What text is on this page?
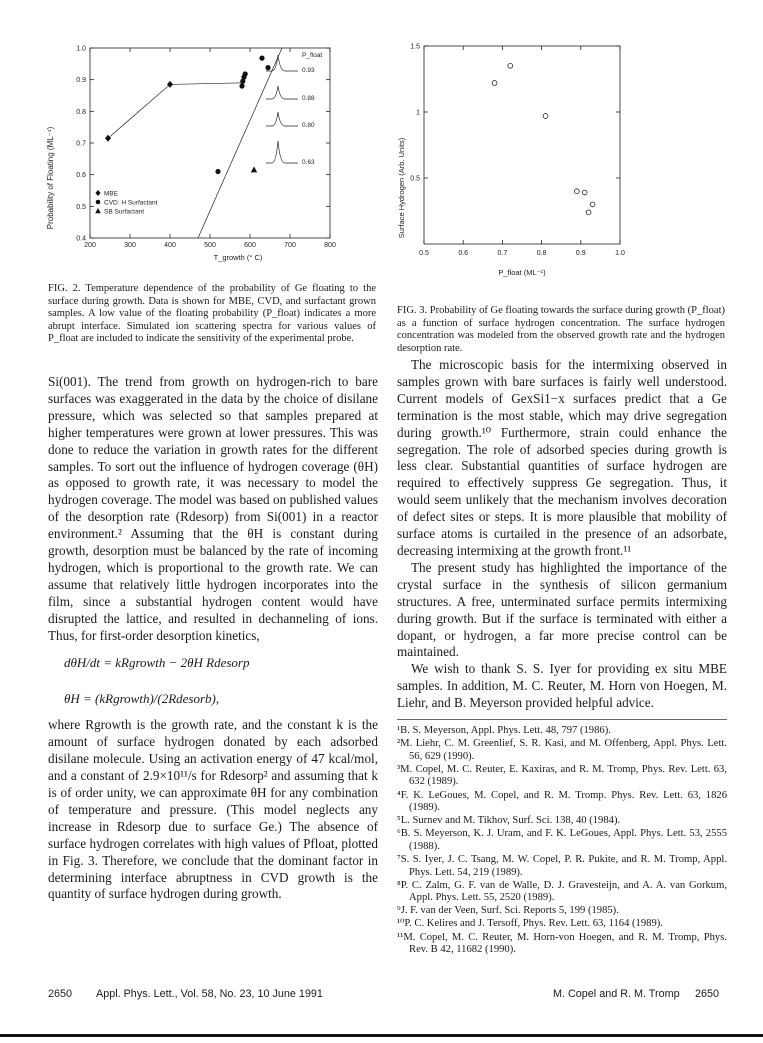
200	300	400	500	600	700	800
0.4
0.5
0.6
0.7
0.8
0.9
1.0
P_float
0.93
0.88
0.80
0.63
MBE
CVD: H Surfactant
SB Surfactant
Probability of Floating (ML⁻¹)
T_growth (° C)
FIG. 2. Temperature dependence of the probability of Ge floating to the surface during growth. Data is shown for MBE, CVD, and surfactant grown samples. A low value of the floating probability (P_float) indicates a more abrupt interface. Simulated ion scattering spectra for various values of P_float are included to indicate the sensitivity of the experimental probe.
0.5	0.6	0.7	0.8	0.9	1.0
0.5
1
1.5
Surface Hydrogen (Arb. Units)
P_float (ML⁻¹)
FIG. 3. Probability of Ge floating towards the surface during growth (P_float) as a function of surface hydrogen concentration. The surface hydrogen concentration was modeled from the observed growth rate and the hydrogen desorption rate.

Si(001). The trend from growth on hydrogen-rich to bare surfaces was exaggerated in the data by the choice of disilane pressure, which was selected so that samples prepared at higher temperatures were grown at lower pressures. This was done to reduce the variation in growth rates for the different samples. To sort out the influence of hydrogen coverage (θH) as opposed to growth rate, it was necessary to model the hydrogen coverage. The model was based on published values of the desorption rate (Rdesorp) from Si(001) in a reactor environment.² Assuming that the θH is constant during growth, desorption must be balanced by the rate of incoming hydrogen, which is proportional to the growth rate. We can assume that relatively little hydrogen incorporates into the film, since a substantial hydrogen content would have disrupted the lattice, and resulted in dechanneling of ions. Thus, for first-order desorption kinetics,

dθH/dt = kRgrowth − 2θH Rdesorp
θH = (kRgrowth)/(2Rdesorb),

where Rgrowth is the growth rate, and the constant k is the amount of surface hydrogen donated by each adsorbed disilane molecule. Using an activation energy of 47 kcal/mol, and a constant of 2.9×10¹¹/s for Rdesorp² and assuming that k is of order unity, we can approximate θH for any combination of temperature and pressure. (This model neglects any increase in Rdesorp due to surface Ge.) The absence of surface hydrogen correlates with high values of Pfloat, plotted in Fig. 3. Therefore, we conclude that the dominant factor in determining interface abruptness in CVD growth is the quantity of surface hydrogen during growth.

The microscopic basis for the intermixing observed in samples grown with bare surfaces is fairly well understood. Current models of GexSi1−x surfaces predict that a Ge termination is the most stable, which may drive segregation during growth.¹⁰ Furthermore, strain could enhance the segregation. The role of adsorbed species during growth is less clear. Substantial quantities of surface hydrogen are required to effectively suppress Ge segregation. Thus, it would seem unlikely that the mechanism involves decoration of defect sites or steps. It is more plausible that mobility of surface atoms is curtailed in the presence of an adsorbate, decreasing intermixing at the growth front.¹¹

The present study has highlighted the importance of the crystal surface in the synthesis of silicon germanium structures. A free, unterminated surface permits intermixing during growth. But if the surface is terminated with either a dopant, or hydrogen, a far more precise control can be maintained.

We wish to thank S. S. Iyer for providing ex situ MBE samples. In addition, M. C. Reuter, M. Horn von Hoegen, M. Liehr, and B. Meyerson provided helpful advice.

¹B. S. Meyerson, Appl. Phys. Lett. 48, 797 (1986).
²M. Liehr, C. M. Greenlief, S. R. Kasi, and M. Offenberg, Appl. Phys. Lett. 56, 629 (1990).
³M. Copel, M. C. Reuter, E. Kaxiras, and R. M. Tromp, Phys. Rev. Lett. 63, 632 (1989).
⁴F. K. LeGoues, M. Copel, and R. M. Tromp. Phys. Rev. Lett. 63, 1826 (1989).
⁵L. Surnev and M. Tikhov, Surf. Sci. 138, 40 (1984).
⁶B. S. Meyerson, K. J. Uram, and F. K. LeGoues, Appl. Phys. Lett. 53, 2555 (1988).
⁷S. S. Iyer, J. C. Tsang, M. W. Copel, P. R. Pukite, and R. M. Tromp, Appl. Phys. Lett. 54, 219 (1989).
⁸P. C. Zalm, G. F. van de Walle, D. J. Gravesteijn, and A. A. van Gorkum, Appl. Phys. Lett. 55, 2520 (1989).
⁹J. F. van der Veen, Surf. Sci. Reports 5, 199 (1985).
¹⁰P. C. Kelires and J. Tersoff, Phys. Rev. Lett. 63, 1164 (1989).
¹¹M. Copel, M. C. Reuter, M. Horn-von Hoegen, and R. M. Tromp, Phys. Rev. B 42, 11682 (1990).
2650 Appl. Phys. Lett., Vol. 58, No. 23, 10 June 1991	M. Copel and R. M. Tromp 2650
